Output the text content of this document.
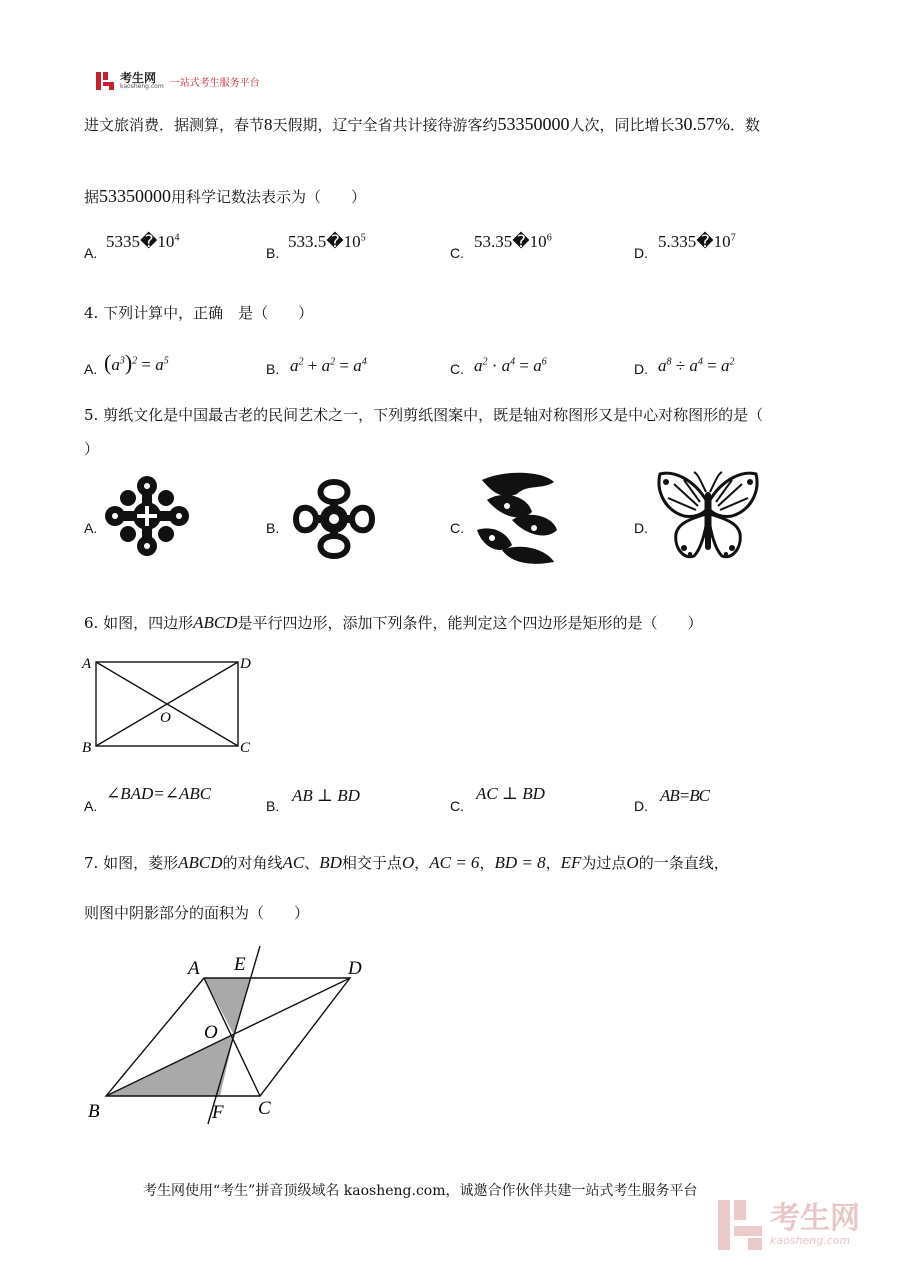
考生网
kaosheng.com 一站式考生服务平台
进文旅消费．据测算，春节8天假期，辽宁全省共计接待游客约53350000人次，同比增长30.57%．数
据53350000用科学记数法表示为（　　）
A.
$5335�10^4$
B.
$533.5�10^5$
C.
$53.35�10^6$
D.
$5.335�10^7$
4. 下列计算中，正确　是（　　）
A. $(a^3)^2 = a^5$
B. $a^2 + a^2 = a^4$	C. $a^2 \cdot a^4 = a^6$	D. $a^8 \div a^4 = a^2$
5. 剪纸文化是中国最古老的民间艺术之一，下列剪纸图案中，既是轴对称图形又是中心对称图形的是（
）
A.	B.	C.	D.
6. 如图，四边形ABCD是平行四边形，添加下列条件，能判定这个四边形是矩形的是（　　）
A	D
B	C
O
A.
∠BAD=∠ABC
B.
AB ⊥ BD
C.
AC ⊥ BD
D.
AB=BC
7. 如图，菱形ABCD的对角线AC、BD相交于点O，AC = 6，BD = 8，EF为过点O的一条直线，
则图中阴影部分的面积为（　　）
A E	D
O
B	F C
考生网使用“考生”拼音顶级域名 kaosheng.com，诚邀合作伙伴共建一站式考生服务平台
考生网
kaosheng.com
